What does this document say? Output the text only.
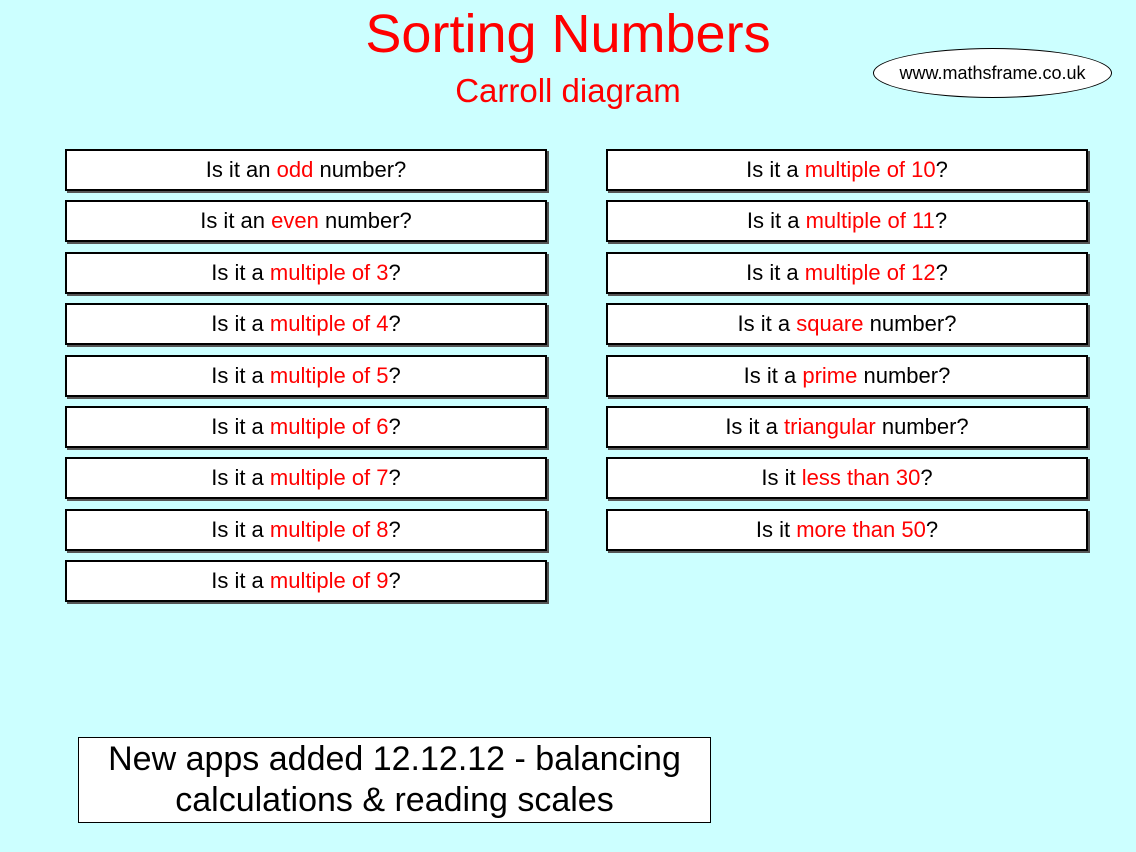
Sorting Numbers
Carroll diagram	www.mathsframe.co.uk
Is it an odd number?
Is it an even number?
Is it a multiple of 3 ?
Is it a multiple of 4 ?
Is it a multiple of 5 ?
Is it a multiple of 6 ?
Is it a multiple of 7 ?
Is it a multiple of 8 ?
Is it a multiple of 9 ?
Is it a multiple of 10 ?
Is it a multiple of 11 ?
Is it a multiple of 12 ?
Is it a square number?
Is it a prime number?
Is it a triangular number?
Is it less than 30 ?
Is it more than 50 ?
New apps added 12.12.12 - balancing
calculations & reading scales
